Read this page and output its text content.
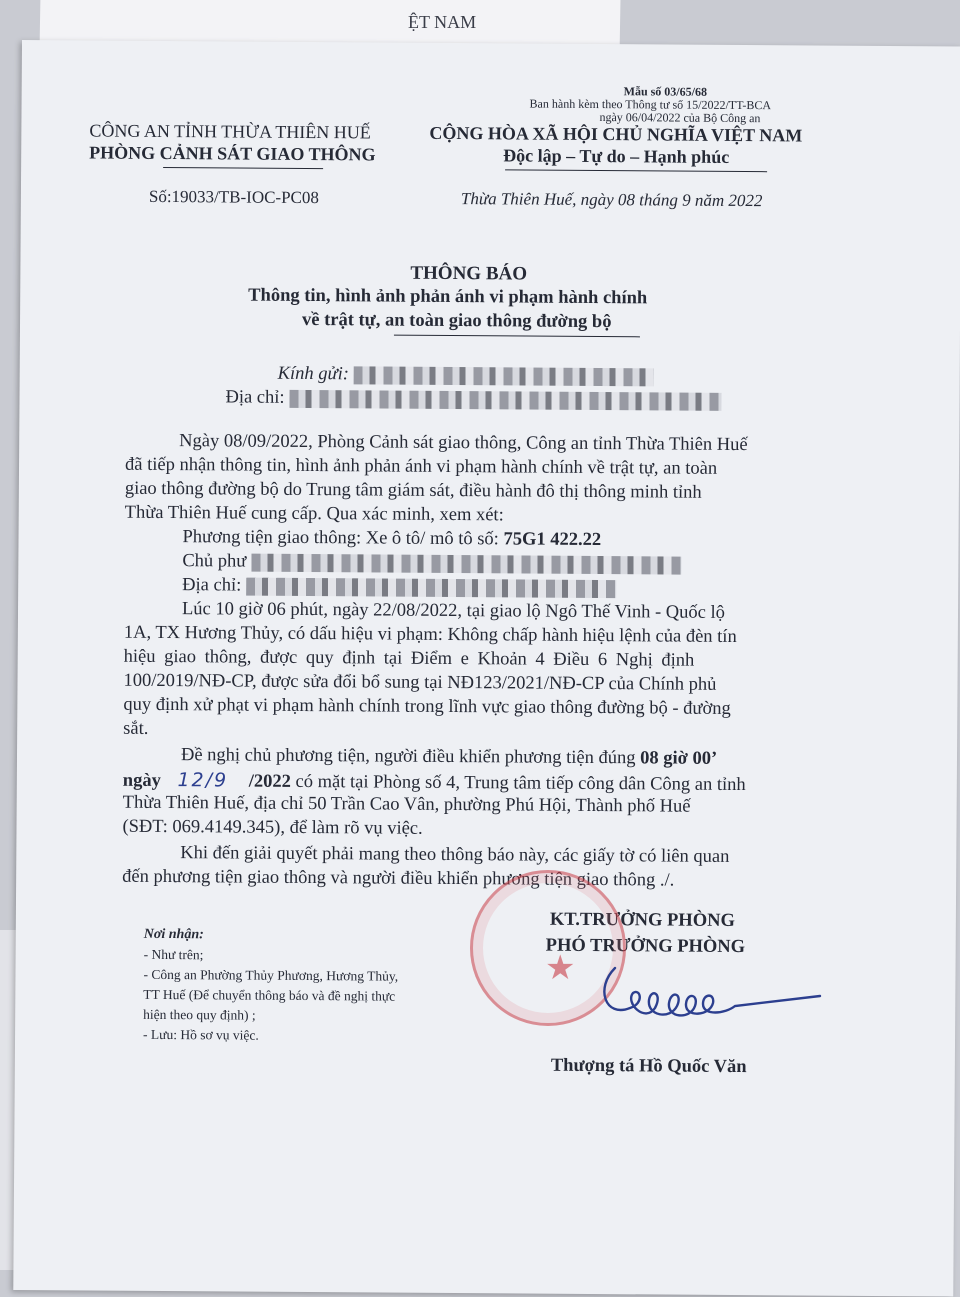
ỆT NAM
Mẫu số 03/65/68
Ban hành kèm theo Thông tư số 15/2022/TT-BCA
ngày 06/04/2022 của Bộ Công an
CÔNG AN TỈNH THỪA THIÊN HUẾ
PHÒNG CẢNH SÁT GIAO THÔNG
Số:19033/TB-IOC-PC08
CỘNG HÒA XÃ HỘI CHỦ NGHĨA VIỆT NAM
Độc lập – Tự do – Hạnh phúc
Thừa Thiên Huế, ngày 08 tháng 9 năm 2022
THÔNG BÁO
Thông tin, hình ảnh phản ánh vi phạm hành chính
về trật tự, an toàn giao thông đường bộ
Kính gửi:
Địa chỉ:
Ngày 08/09/2022, Phòng Cảnh sát giao thông, Công an tỉnh Thừa Thiên Huế
đã tiếp nhận thông tin, hình ảnh phản ánh vi phạm hành chính về trật tự, an toàn
giao thông đường bộ do Trung tâm giám sát, điều hành đô thị thông minh tỉnh
Thừa Thiên Huế cung cấp. Qua xác minh, xem xét:
Phương tiện giao thông: Xe ô tô/ mô tô số: 75G1 422.22
Chủ phư
Địa chỉ:
Lúc 10 giờ 06 phút, ngày 22/08/2022, tại giao lộ Ngô Thế Vinh - Quốc lộ
1A, TX Hương Thủy, có dấu hiệu vi phạm: Không chấp hành hiệu lệnh của đèn tín
hiệu giao thông, được quy định tại Điểm e Khoản 4 Điều 6 Nghị định
100/2019/NĐ-CP, được sửa đổi bổ sung tại NĐ123/2021/NĐ-CP của Chính phủ
quy định xử phạt vi phạm hành chính trong lĩnh vực giao thông đường bộ - đường
sắt.
Đề nghị chủ phương tiện, người điều khiển phương tiện đúng 08 giờ 00’
ngày 12/9 /2022 có mặt tại Phòng số 4, Trung tâm tiếp công dân Công an tỉnh
Thừa Thiên Huế, địa chỉ 50 Trần Cao Vân, phường Phú Hội, Thành phố Huế
(SĐT: 069.4149.345), để làm rõ vụ việc.
Khi đến giải quyết phải mang theo thông báo này, các giấy tờ có liên quan
đến phương tiện giao thông và người điều khiển phương tiện giao thông ./.
Nơi nhận:
- Như trên;
- Công an Phường Thủy Phương, Hương Thủy,
TT Huế (Để chuyển thông báo và đề nghị thực
hiện theo quy định) ;
- Lưu: Hồ sơ vụ việc.
KT.TRƯỞNG PHÒNG
PHÓ TRƯỞNG PHÒNG
Thượng tá Hồ Quốc Văn
★
